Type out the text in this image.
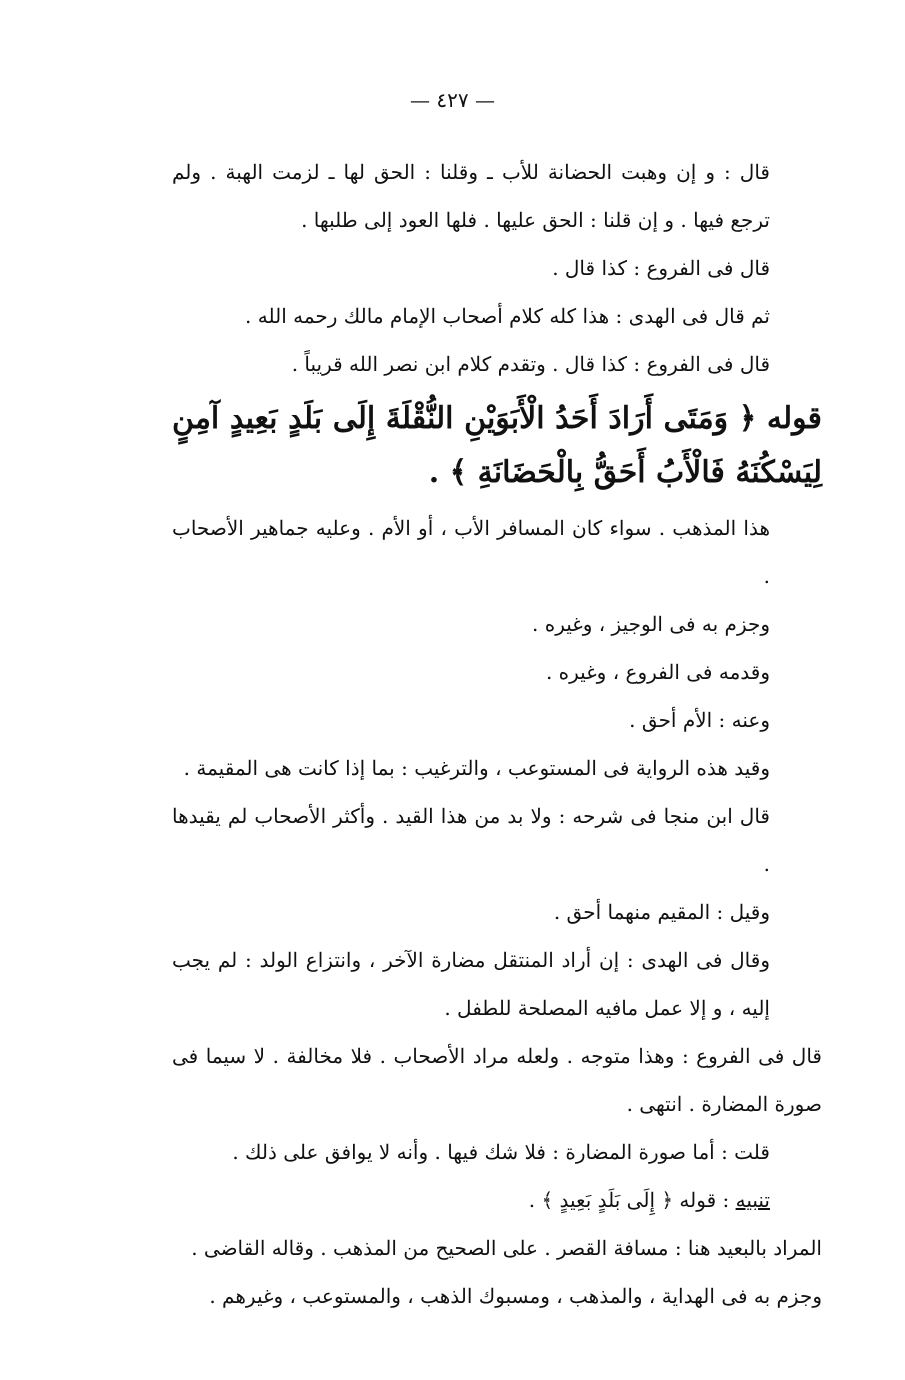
— ٤٢٧ —

قال : و إن وهبت الحضانة للأب ـ وقلنا : الحق لها ـ لزمت الهبة . ولم ترجع فيها . و إن قلنا : الحق عليها . فلها العود إلى طلبها .

قال فى الفروع : كذا قال .

ثم قال فى الهدى : هذا كله كلام أصحاب الإمام مالك رحمه الله .

قال فى الفروع : كذا قال . وتقدم كلام ابن نصر الله قريباً .

قوله ﴿ وَمَتَى أَرَادَ أَحَدُ الْأَبَوَيْنِ النُّقْلَةَ إِلَى بَلَدٍ بَعِيدٍ آمِنٍ لِيَسْكُنَهُ فَالْأَبُ أَحَقُّ بِالْحَضَانَةِ ﴾ .

هذا المذهب . سواء كان المسافر الأب ، أو الأم . وعليه جماهير الأصحاب .

وجزم به فى الوجيز ، وغيره .

وقدمه فى الفروع ، وغيره .

وعنه : الأم أحق .

وقيد هذه الرواية فى المستوعب ، والترغيب : بما إذا كانت هى المقيمة .

قال ابن منجا فى شرحه : ولا بد من هذا القيد . وأكثر الأصحاب لم يقيدها .

وقيل : المقيم منهما أحق .

وقال فى الهدى : إن أراد المنتقل مضارة الآخر ، وانتزاع الولد : لم يجب إليه ، و إلا عمل مافيه المصلحة للطفل .

قال فى الفروع : وهذا متوجه . ولعله مراد الأصحاب . فلا مخالفة . لا سيما فى صورة المضارة . انتهى .

قلت : أما صورة المضارة : فلا شك فيها . وأنه لا يوافق على ذلك .

تنبيه : قوله ﴿ إِلَى بَلَدٍ بَعِيدٍ ﴾ .

المراد بالبعيد هنا : مسافة القصر . على الصحيح من المذهب . وقاله القاضى .

وجزم به فى الهداية ، والمذهب ، ومسبوك الذهب ، والمستوعب ، وغيرهم .
